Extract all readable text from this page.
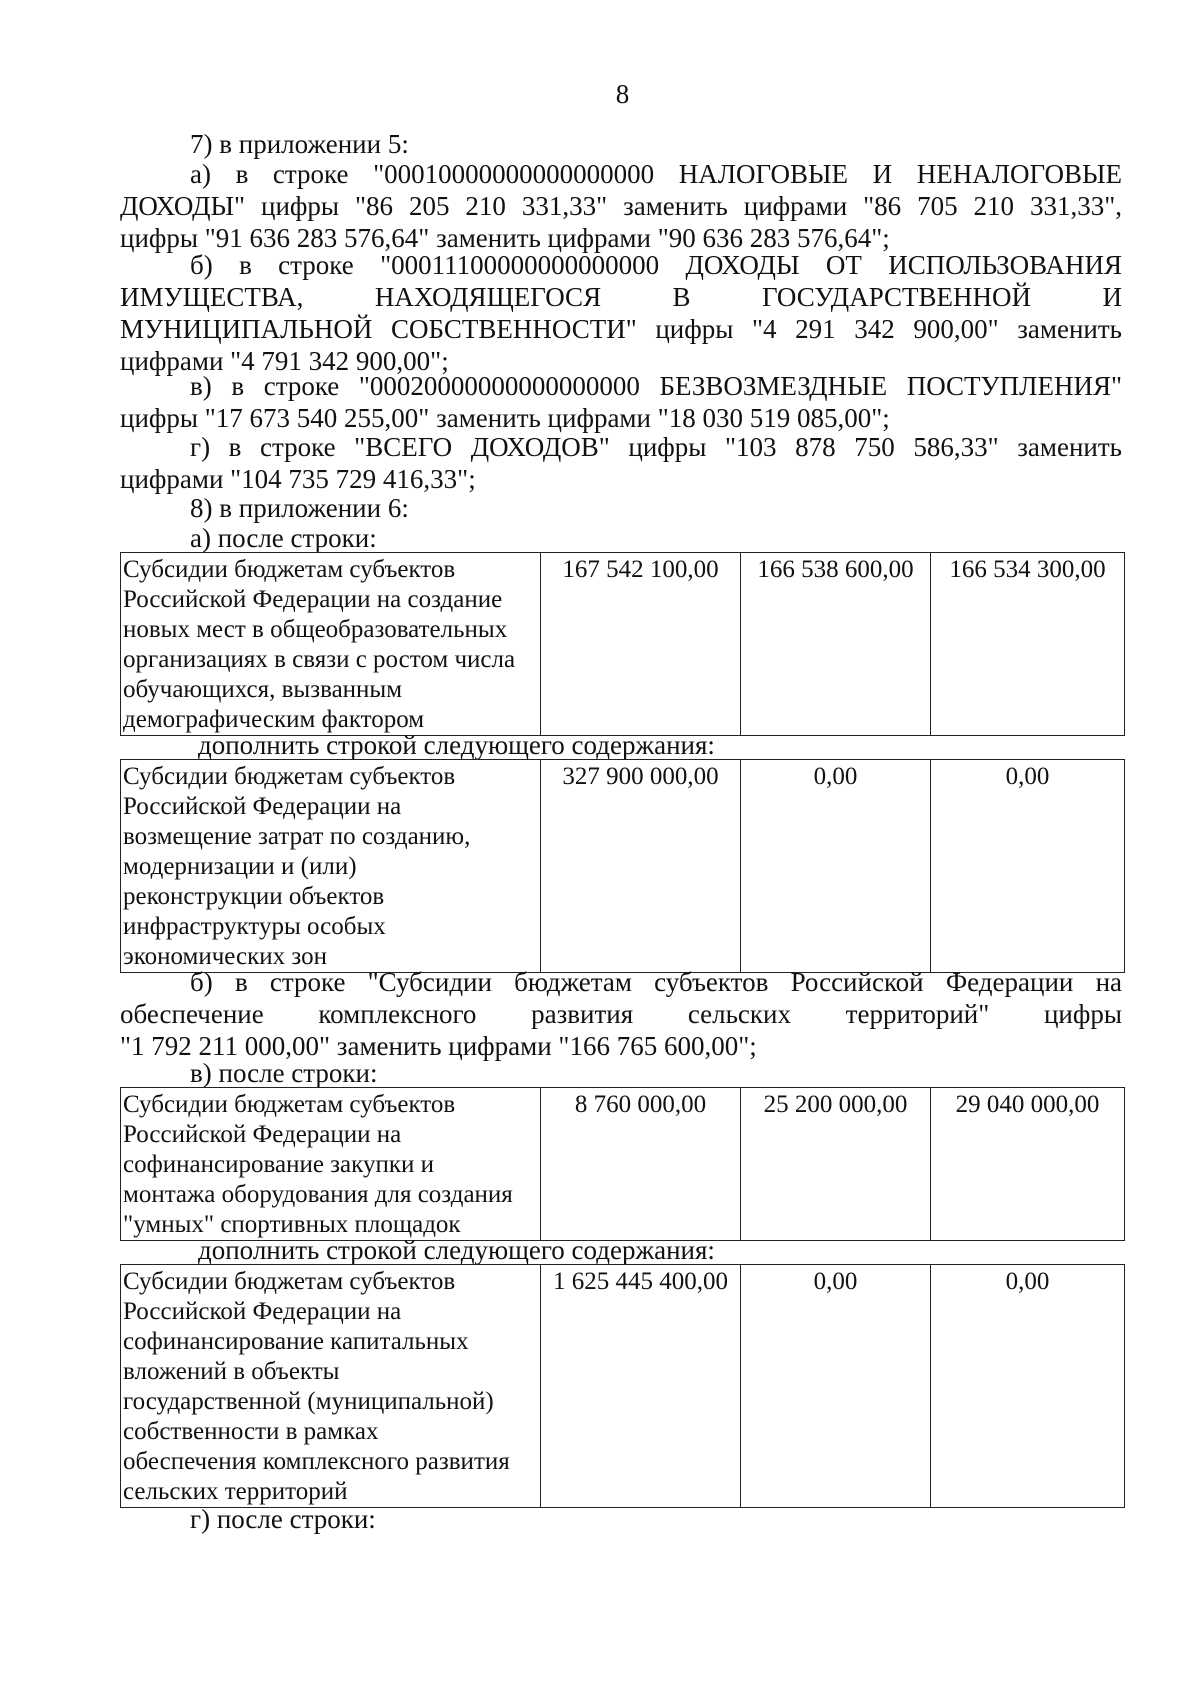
8
7) в приложении 5:
а) в строке "00010000000000000000 НАЛОГОВЫЕ И НЕНАЛОГОВЫЕ
ДОХОДЫ" цифры "86 205 210 331,33" заменить цифрами "86 705 210 331,33",
цифры "91 636 283 576,64" заменить цифрами "90 636 283 576,64";
б) в строке "00011100000000000000 ДОХОДЫ ОТ ИСПОЛЬЗОВАНИЯ
ИМУЩЕСТВА, НАХОДЯЩЕГОСЯ В ГОСУДАРСТВЕННОЙ И
МУНИЦИПАЛЬНОЙ СОБСТВЕННОСТИ" цифры "4 291 342 900,00" заменить
цифрами "4 791 342 900,00";
в) в строке "00020000000000000000 БЕЗВОЗМЕЗДНЫЕ ПОСТУПЛЕНИЯ"
цифры "17 673 540 255,00" заменить цифрами "18 030 519 085,00";
г) в строке "ВСЕГО ДОХОДОВ" цифры "103 878 750 586,33" заменить
цифрами "104 735 729 416,33";
8) в приложении 6:
а) после строки:
Субсидии бюджетам субъектов
Российской Федерации на создание
новых мест в общеобразовательных
организациях в связи с ростом числа
обучающихся, вызванным
демографическим фактором
	167 542 100,00	166 538 600,00	166 534 300,00
дополнить строкой следующего содержания:
Субсидии бюджетам субъектов
Российской Федерации на
возмещение затрат по созданию,
модернизации и (или)
реконструкции объектов
инфраструктуры особых
экономических зон
	327 900 000,00	0,00	0,00
б) в строке "Субсидии бюджетам субъектов Российской Федерации на
обеспечение комплексного развития сельских территорий" цифры
"1 792 211 000,00" заменить цифрами "166 765 600,00";
в) после строки:
Субсидии бюджетам субъектов
Российской Федерации на
софинансирование закупки и
монтажа оборудования для создания
"умных" спортивных площадок
	8 760 000,00	25 200 000,00	29 040 000,00
дополнить строкой следующего содержания:
Субсидии бюджетам субъектов
Российской Федерации на
софинансирование капитальных
вложений в объекты
государственной (муниципальной)
собственности в рамках
обеспечения комплексного развития
сельских территорий
	1 625 445 400,00	0,00	0,00
г) после строки:
